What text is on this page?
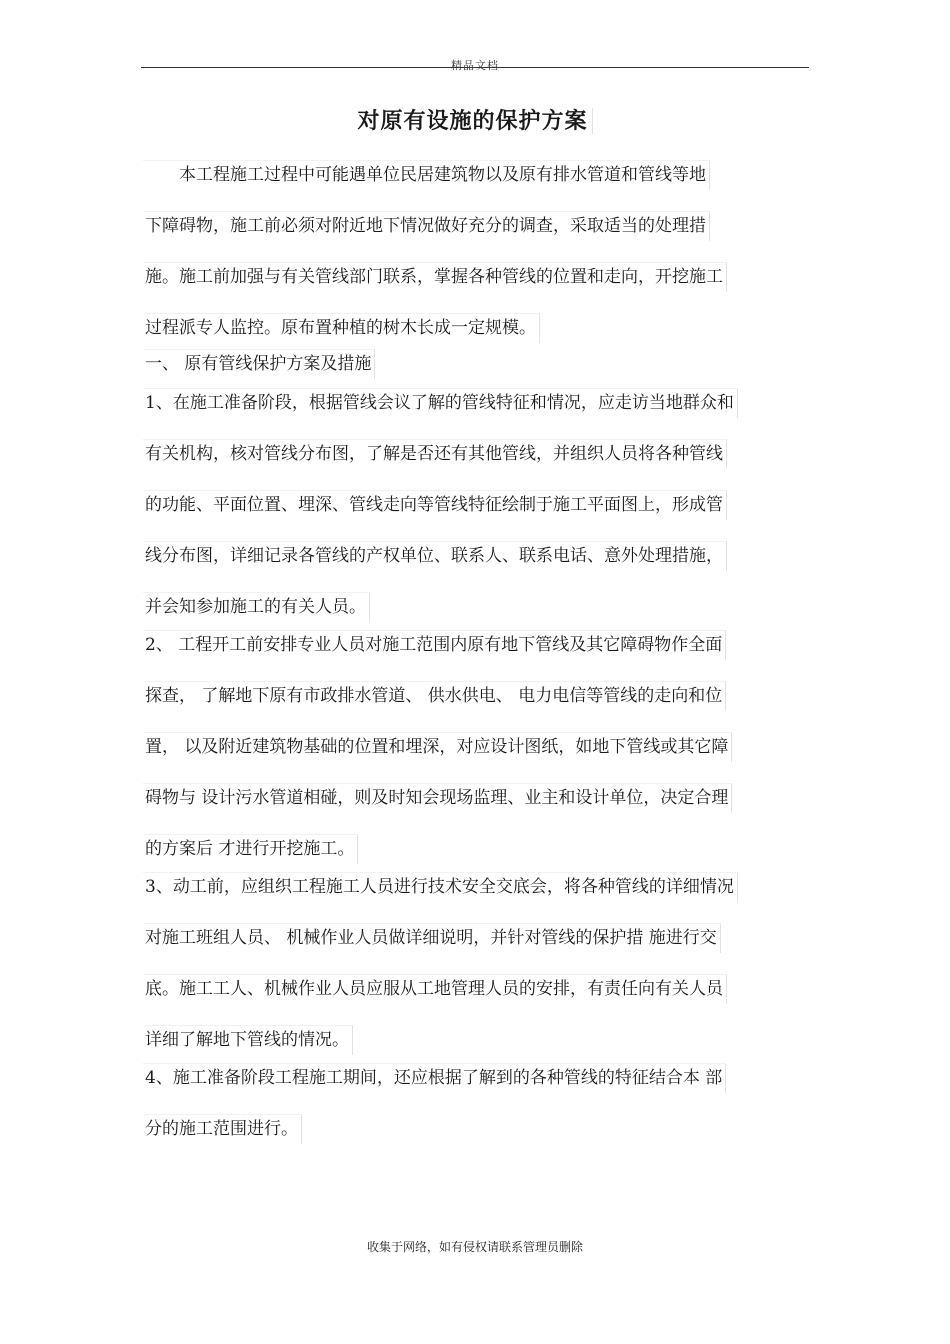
精品文档
对原有设施的保护方案
　　本工程施工过程中可能遇单位民居建筑物以及原有排水管道和管线等地
下障碍物，施工前必须对附近地下情况做好充分的调查，采取适当的处理措
施。施工前加强与有关管线部门联系，掌握各种管线的位置和走向，开挖施工
过程派专人监控。原布置种植的树木长成一定规模。
一、 原有管线保护方案及措施
1、在施工准备阶段，根据管线会议了解的管线特征和情况，应走访当地群众和
有关机构，核对管线分布图，了解是否还有其他管线，并组织人员将各种管线
的功能、平面位置、埋深、管线走向等管线特征绘制于施工平面图上，形成管
线分布图，详细记录各管线的产权单位、联系人、联系电话、意外处理措施，
并会知参加施工的有关人员。
2、 工程开工前安排专业人员对施工范围内原有地下管线及其它障碍物作全面
探查， 了解地下原有市政排水管道、 供水供电、 电力电信等管线的走向和位
置， 以及附近建筑物基础的位置和埋深，对应设计图纸，如地下管线或其它障
碍物与 设计污水管道相碰，则及时知会现场监理、业主和设计单位，决定合理
的方案后 才进行开挖施工。
3、动工前，应组织工程施工人员进行技术安全交底会，将各种管线的详细情况
对施工班组人员、 机械作业人员做详细说明，并针对管线的保护措 施进行交
底。施工工人、机械作业人员应服从工地管理人员的安排，有责任向有关人员
详细了解地下管线的情况。
4、施工准备阶段工程施工期间，还应根据了解到的各种管线的特征结合本 部
分的施工范围进行。
收集于网络，如有侵权请联系管理员删除
